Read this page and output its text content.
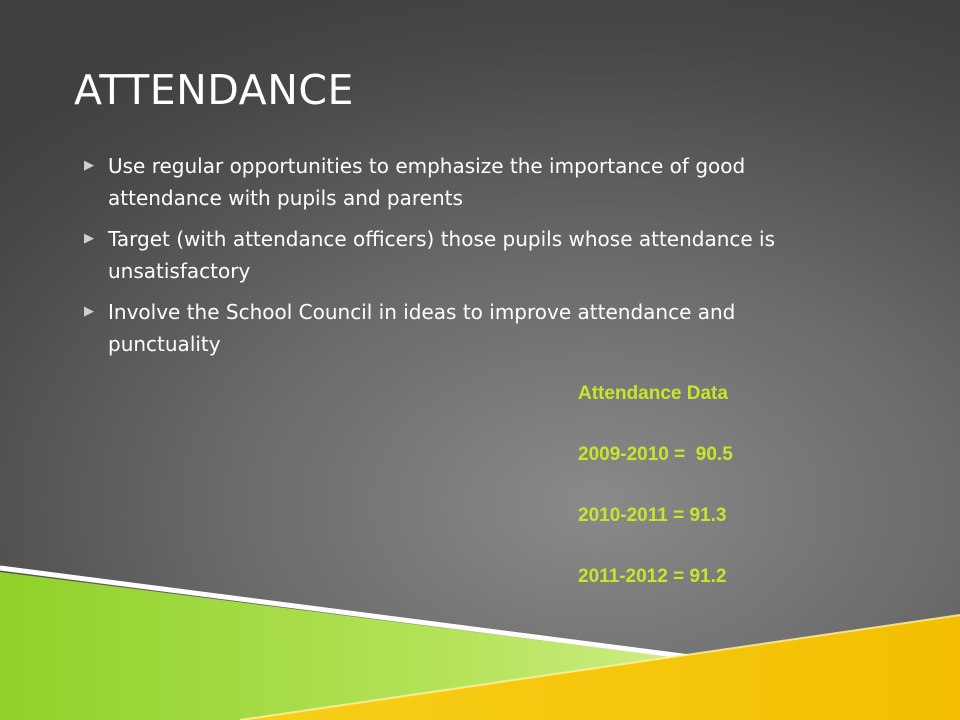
ATTENDANCE
▶ Use regular opportunities to emphasize the importance of good attendance with pupils and parents
▶ Target (with attendance officers) those pupils whose attendance is unsatisfactory
▶ Involve the School Council in ideas to improve attendance and punctuality
Attendance Data
2009-2010 =  90.5
2010-2011 = 91.3
2011-2012 = 91.2
